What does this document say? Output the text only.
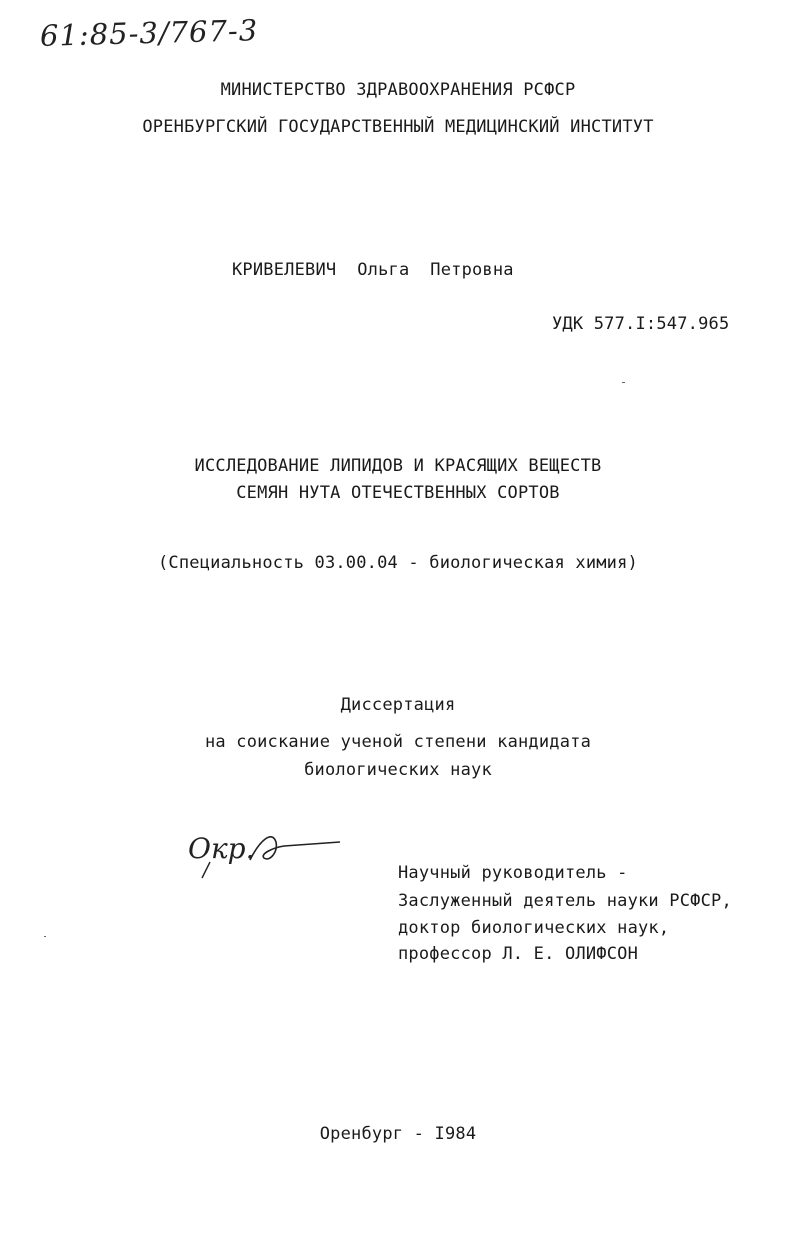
61:85-3/767-3
МИНИСТЕРСТВО ЗДРАВООХРАНЕНИЯ РСФСР
ОРЕНБУРГСКИЙ ГОСУДАРСТВЕННЫЙ МЕДИЦИНСКИЙ ИНСТИТУТ
КРИВЕЛЕВИЧ  Ольга  Петровна
УДК 577.I:547.965
ИССЛЕДОВАНИЕ ЛИПИДОВ И КРАСЯЩИХ ВЕЩЕСТВ
СЕМЯН НУТА ОТЕЧЕСТВЕННЫХ СОРТОВ
(Специальность 03.00.04 - биологическая химия)
Диссертация
на соискание ученой степени кандидата
биологических наук
Окр.
Научный руководитель -
Заслуженный деятель науки РСФСР,
доктор биологических наук,
профессор Л. Е. ОЛИФСОН
Оренбург - I984
